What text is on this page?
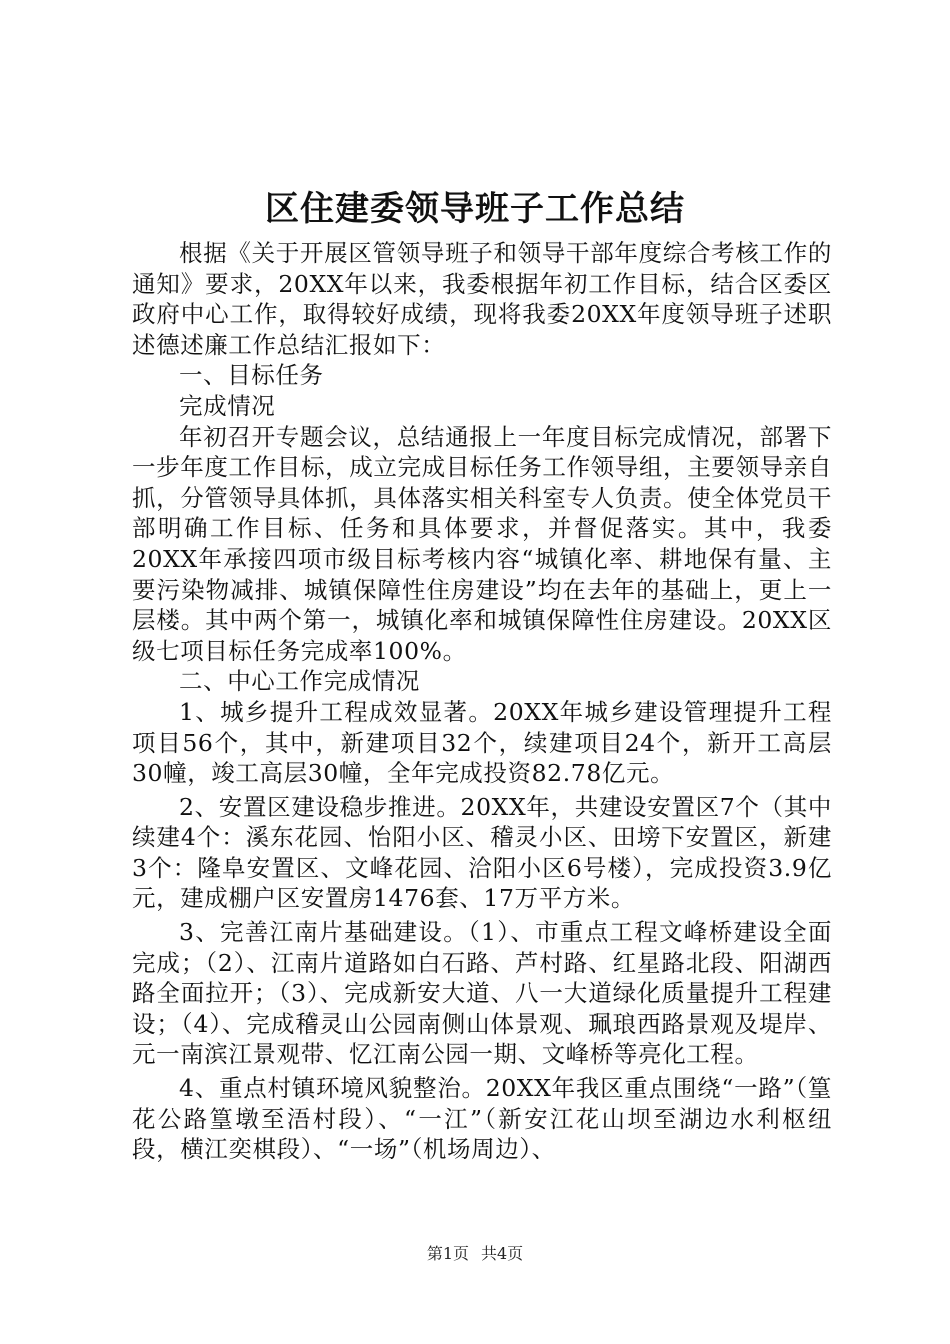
区住建委领导班子工作总结

根据《关于开展区管领导班子和领导干部年度综合考核工作的通知》要求，20XX年以来，我委根据年初工作目标，结合区委区政府中心工作，取得较好成绩，现将我委20XX年度领导班子述职述德述廉工作总结汇报如下：

一、目标任务

完成情况

年初召开专题会议，总结通报上一年度目标完成情况，部署下一步年度工作目标，成立完成目标任务工作领导组，主要领导亲自抓，分管领导具体抓，具体落实相关科室专人负责。使全体党员干部明确工作目标、任务和具体要求，并督促落实。其中，我委20XX年承接四项市级目标考核内容“城镇化率、耕地保有量、主要污染物减排、城镇保障性住房建设”均在去年的基础上，更上一层楼。其中两个第一，城镇化率和城镇保障性住房建设。20XX区级七项目标任务完成率100%。

二、中心工作完成情况

1、城乡提升工程成效显著。20XX年城乡建设管理提升工程项目56个，其中，新建项目32个，续建项目24个，新开工高层30幢，竣工高层30幢，全年完成投资82.78亿元。

2、安置区建设稳步推进。20XX年，共建设安置区7个（其中续建4个：溪东花园、怡阳小区、稽灵小区、田塝下安置区，新建3个：隆阜安置区、文峰花园、洽阳小区6号楼），完成投资3.9亿元，建成棚户区安置房1476套、17万平方米。

3、完善江南片基础建设。（1）、市重点工程文峰桥建设全面完成；（2）、江南片道路如白石路、芦村路、红星路北段、阳湖西路全面拉开；（3）、完成新安大道、八一大道绿化质量提升工程建设；（4）、完成稽灵山公园南侧山体景观、珮琅西路景观及堤岸、元一南滨江景观带、忆江南公园一期、文峰桥等亮化工程。

4、重点村镇环境风貌整治。20XX年我区重点围绕“一路”（篁花公路篁墩至浯村段）、“一江”（新安江花山坝至湖边水利枢纽段，横江奕棋段）、“一场”（机场周边）、

第1页 共4页
